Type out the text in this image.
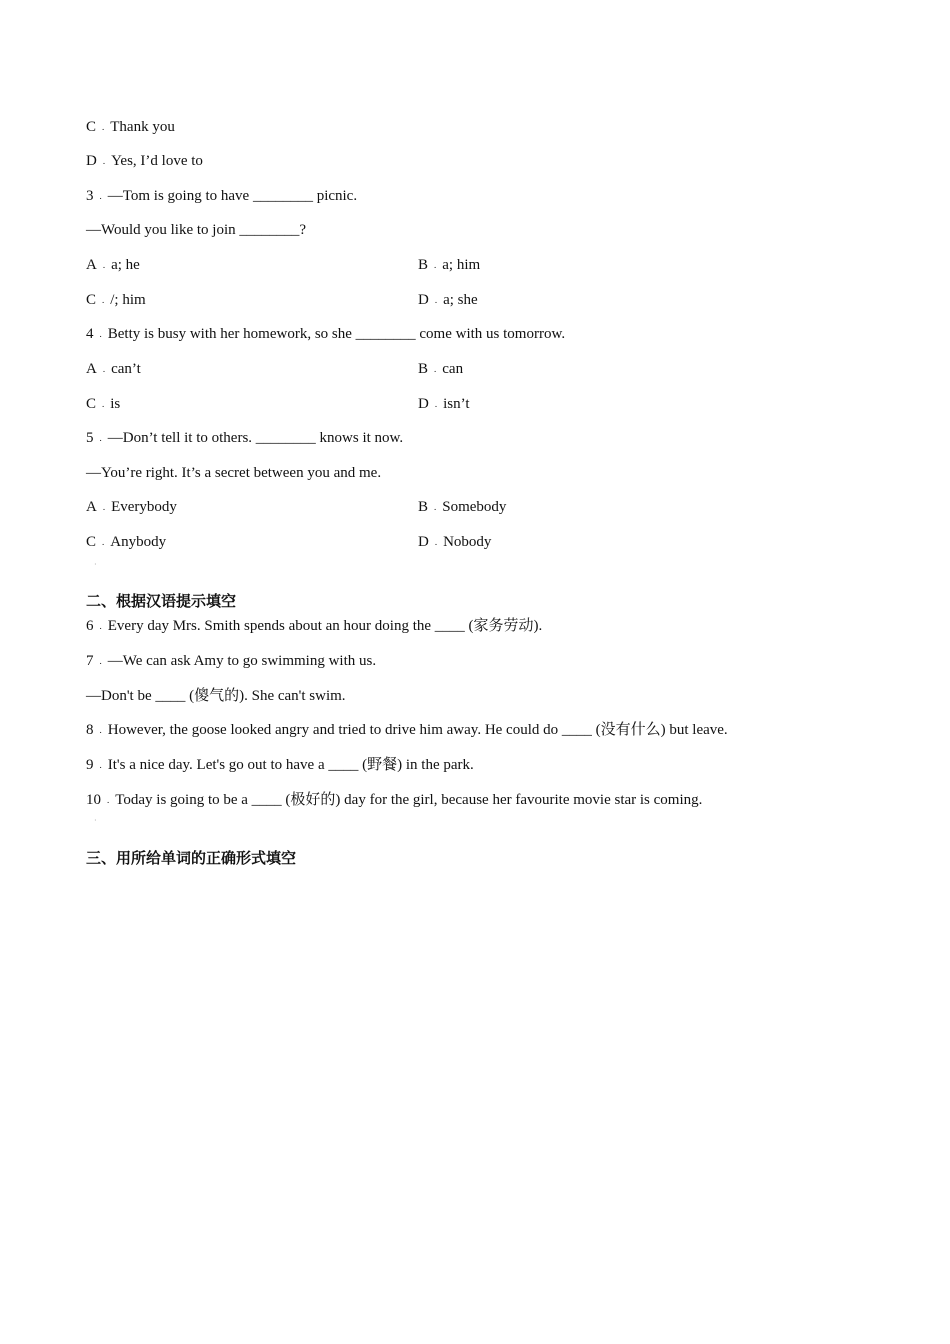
C . Thank you
D . Yes, I’d love to
3 . —Tom is going to have ________ picnic.
—Would you like to join ________?
A . a; he	B . a; him
C . /; him	D . a; she
4 . Betty is busy with her homework, so she ________ come with us tomorrow.
A . can’t	B . can
C . is	D . isn’t
5 . —Don’t tell it to others. ________ knows it now.
—You’re right. It’s a secret between you and me.
A . Everybody	B . Somebody
C . Anybody	D . Nobody
·
二、根据汉语提示填空
6 . Every day Mrs. Smith spends about an hour doing the ____ (家务劳动).
7 . —We can ask Amy to go swimming with us.
—Don't be ____ (傻气的). She can't swim.
8 . However, the goose looked angry and tried to drive him away. He could do ____ (没有什么) but leave.
9 . It's a nice day. Let's go out to have a ____ (野餐) in the park.
10 . Today is going to be a ____ (极好的) day for the girl, because her favourite movie star is coming.
·
三、用所给单词的正确形式填空
